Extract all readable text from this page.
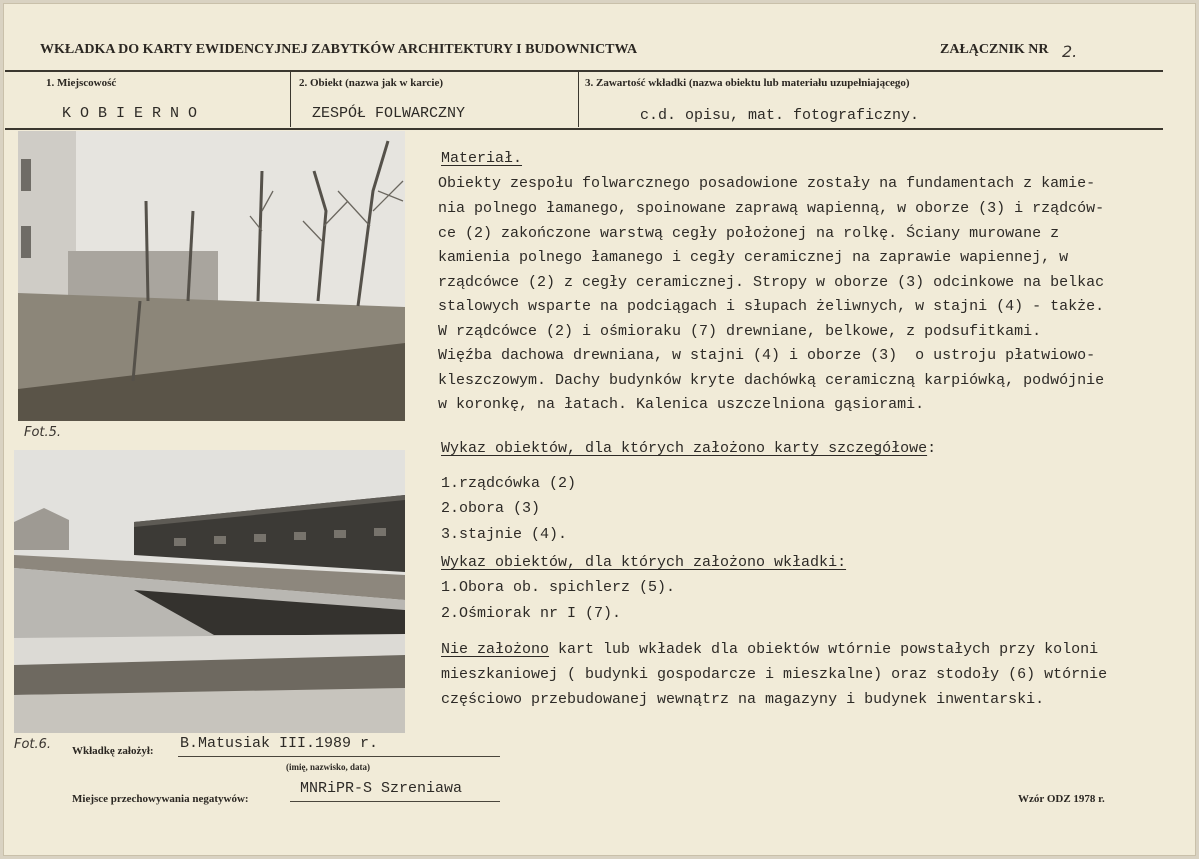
WKŁADKA DO KARTY EWIDENCYJNEJ ZABYTKÓW ARCHITEKTURY I BUDOWNICTWA	ZAŁĄCZNIK NR 2.
1. Miejscowość
K O B I E R N O
2. Obiekt (nazwa jak w karcie)
ZESPÓŁ FOLWARCZNY
3. Zawartość wkładki (nazwa obiektu lub materiału uzupełniającego)
c.d. opisu, mat. fotograficzny.
Fot.5.
Fot.6.
Materiał.
Obiekty zespołu folwarcznego posadowione zostały na fundamentach z kamie-
nia polnego łamanego, spoinowane zaprawą wapienną, w oborze (3) i rządców-
ce (2) zakończone warstwą cegły położonej na rolkę. Ściany murowane z
kamienia polnego łamanego i cegły ceramicznej na zaprawie wapiennej, w
rządcówce (2) z cegły ceramicznej. Stropy w oborze (3) odcinkowe na belkac
stalowych wsparte na podciągach i słupach żeliwnych, w stajni (4) - także.
W rządcówce (2) i ośmioraku (7) drewniane, belkowe, z podsufitkami.
Więźba dachowa drewniana, w stajni (4) i oborze (3)  o ustroju płatwiowo-
kleszczowym. Dachy budynków kryte dachówką ceramiczną karpiówką, podwójnie
w koronkę, na łatach. Kalenica uszczelniona gąsiorami.
Wykaz obiektów, dla których założono karty szczegółowe:
1.rządcówka (2)
2.obora (3)
3.stajnie (4).
Wykaz obiektów, dla których założono wkładki:
1.Obora ob. spichlerz (5).
2.Ośmiorak nr I (7).
Nie założono kart lub wkładek dla obiektów wtórnie powstałych przy koloni
mieszkaniowej ( budynki gospodarcze i mieszkalne) oraz stodoły (6) wtórnie
częściowo przebudowanej wewnątrz na magazyny i budynek inwentarski.
Wkładkę założył: B.Matusiak III.1989 r.
(imię, nazwisko, data)
Miejsce przechowywania negatywów:
MNRiPR-S Szreniawa
Wzór ODZ 1978 r.
